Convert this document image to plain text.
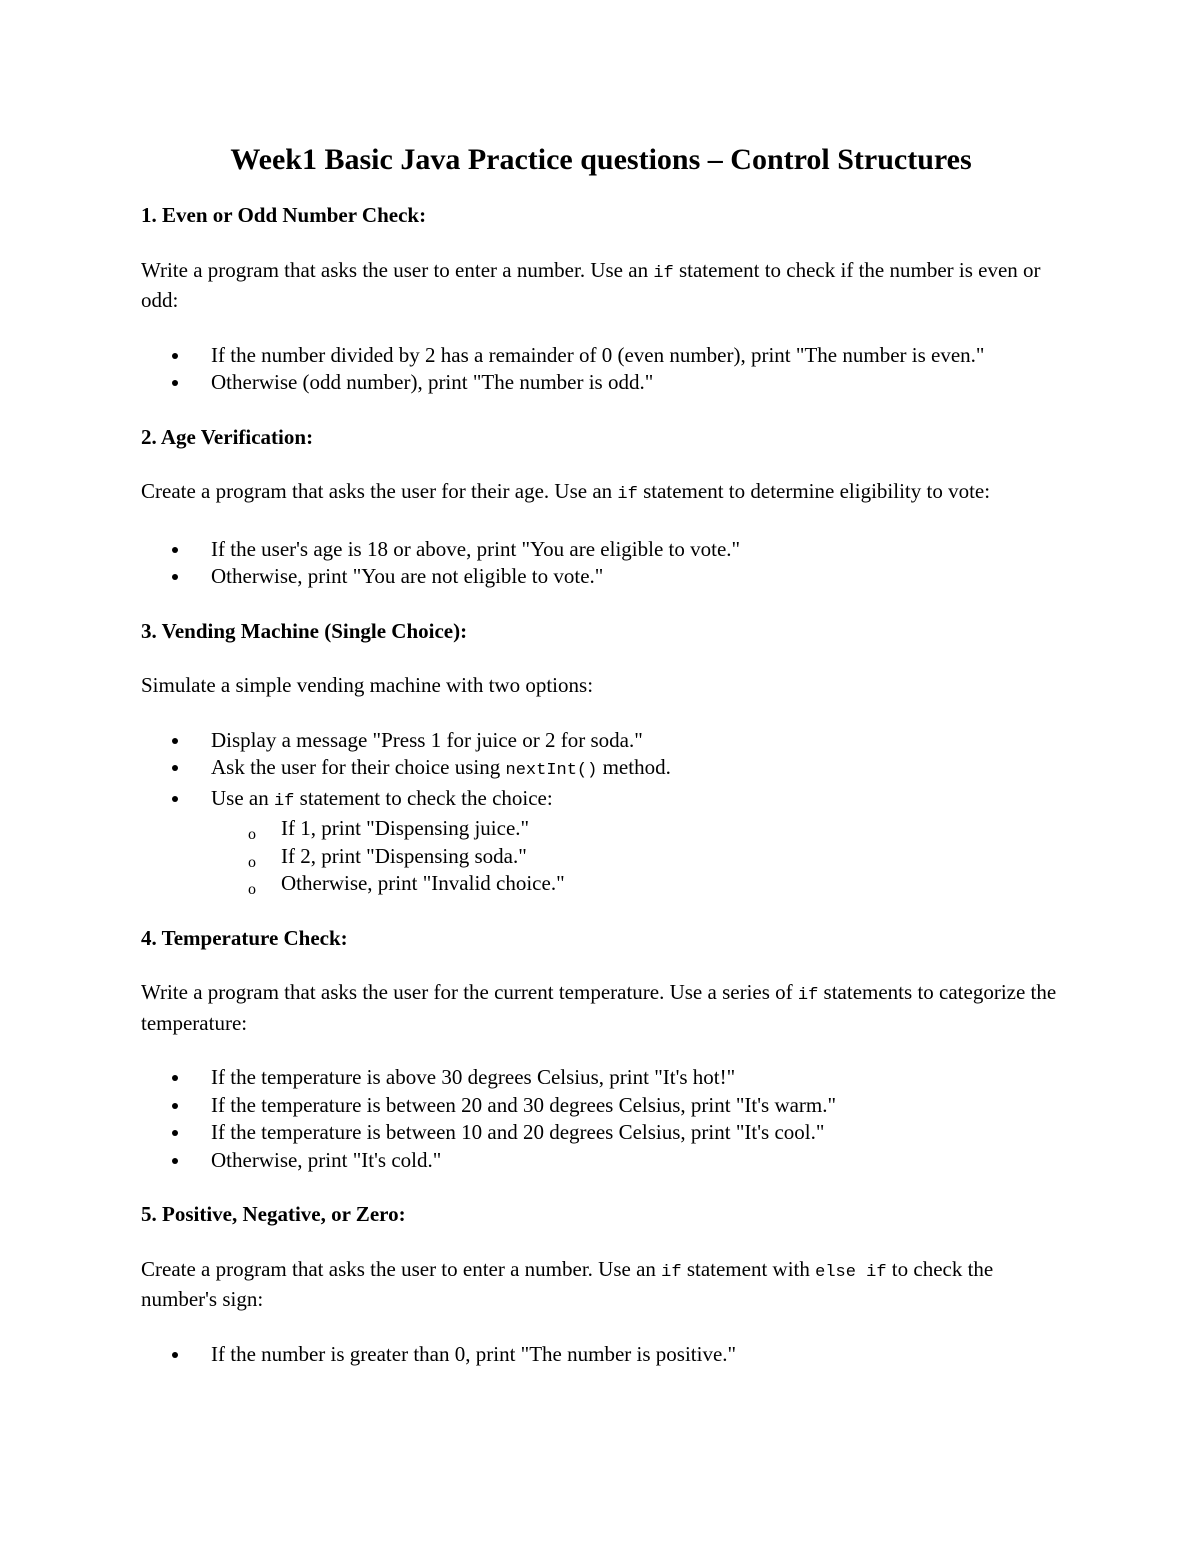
Week1 Basic Java Practice questions – Control Structures

1. Even or Odd Number Check:

Write a program that asks the user to enter a number. Use an if statement to check if the number is even or odd:

If the number divided by 2 has a remainder of 0 (even number), print "The number is even."
Otherwise (odd number), print "The number is odd."

2. Age Verification:

Create a program that asks the user for their age. Use an if statement to determine eligibility to vote:

If the user's age is 18 or above, print "You are eligible to vote."
Otherwise, print "You are not eligible to vote."

3. Vending Machine (Single Choice):

Simulate a simple vending machine with two options:

Display a message "Press 1 for juice or 2 for soda."
Ask the user for their choice using nextInt() method.
Use an if statement to check the choice:
o If 1, print "Dispensing juice."
o If 2, print "Dispensing soda."
o Otherwise, print "Invalid choice."

4. Temperature Check:

Write a program that asks the user for the current temperature. Use a series of if statements to categorize the temperature:

If the temperature is above 30 degrees Celsius, print "It's hot!"
If the temperature is between 20 and 30 degrees Celsius, print "It's warm."
If the temperature is between 10 and 20 degrees Celsius, print "It's cool."
Otherwise, print "It's cold."

5. Positive, Negative, or Zero:

Create a program that asks the user to enter a number. Use an if statement with else if to check the number's sign:

If the number is greater than 0, print "The number is positive."
